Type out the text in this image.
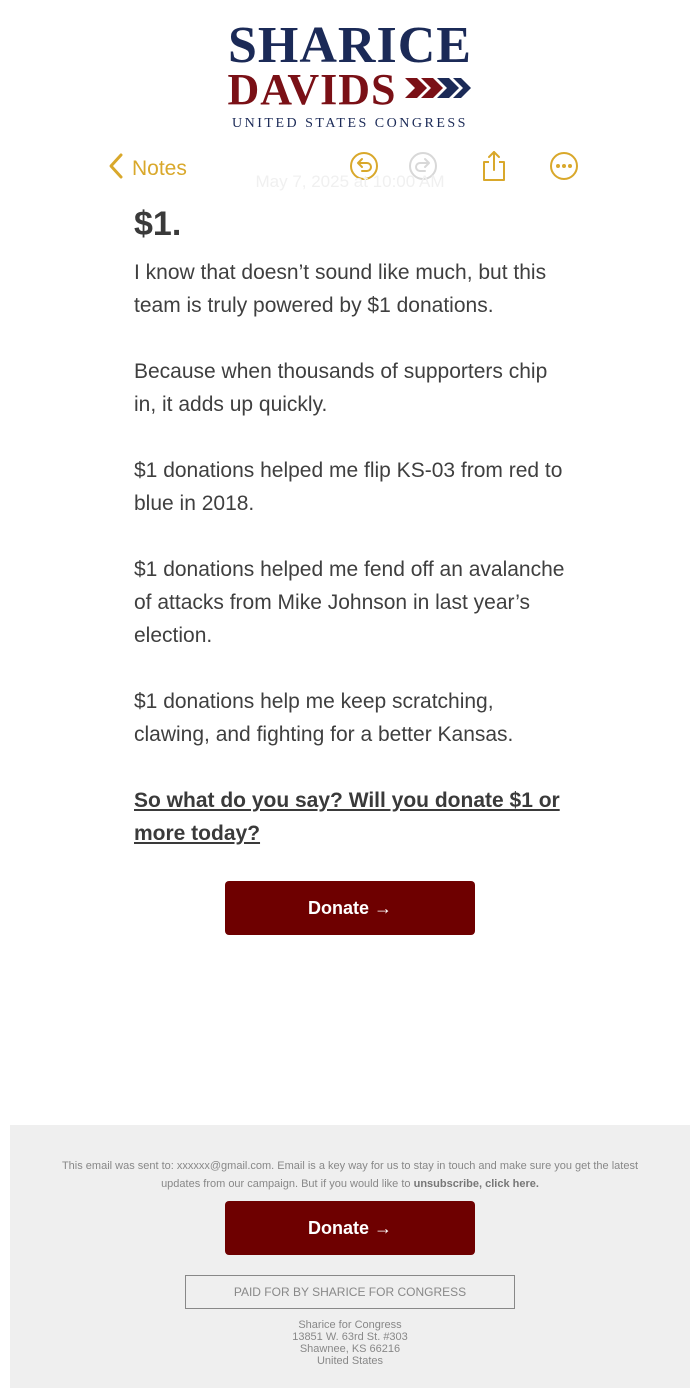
SHARICE
DAVIDS
UNITED STATES CONGRESS
Notes
May 7, 2025 at 10:00 AM
$1.

I know that doesn’t sound like much, but this team is truly powered by $1 donations.

Because when thousands of supporters chip in, it adds up quickly.

$1 donations helped me flip KS-03 from red to blue in 2018.

$1 donations helped me fend off an avalanche of attacks from Mike Johnson in last year’s election.

$1 donations help me keep scratching, clawing, and fighting for a better Kansas.

So what do you say? Will you donate $1 or more today?
Donate →
This email was sent to: xxxxxx@gmail.com. Email is a key way for us to stay in touch and make sure you get the latest updates from our campaign. But if you would like to unsubscribe, click here.
Donate →
PAID FOR BY SHARICE FOR CONGRESS
Sharice for Congress
13851 W. 63rd St. #303
Shawnee, KS 66216
United States
